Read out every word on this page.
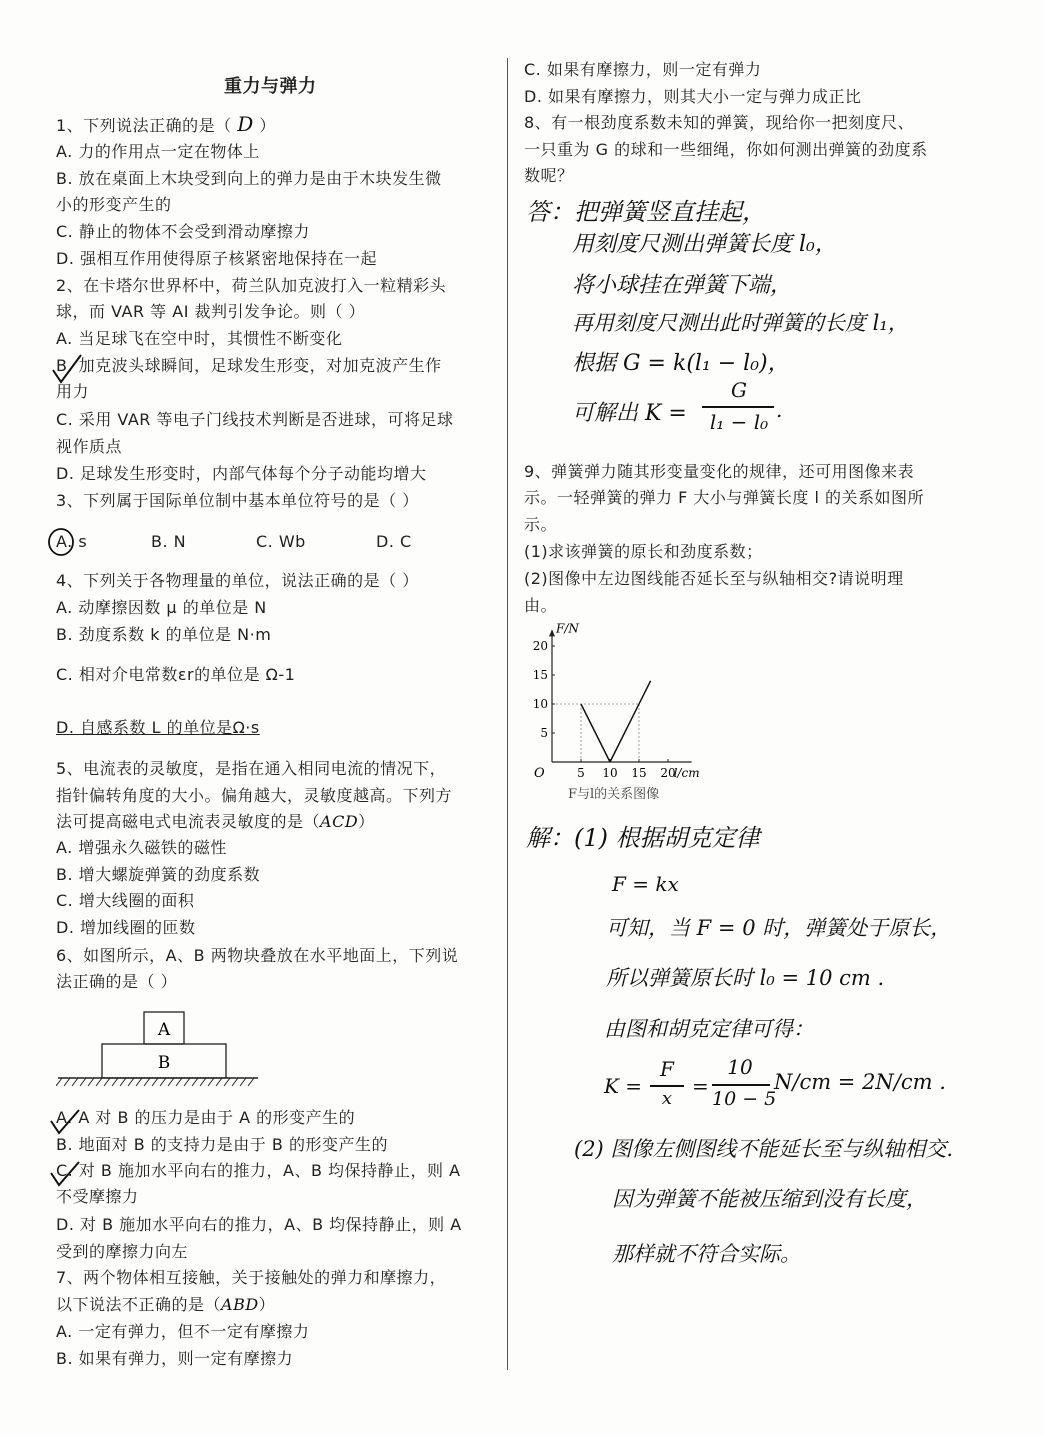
重力与弹力
1、下列说法正确的是（ D ）
A. 力的作用点一定在物体上
B. 放在桌面上木块受到向上的弹力是由于木块发生微
小的形变产生的
C. 静止的物体不会受到滑动摩擦力
D. 强相互作用使得原子核紧密地保持在一起
2、在卡塔尔世界杯中，荷兰队加克波打入一粒精彩头
球，而 VAR 等 AI 裁判引发争论。则（ ）
A. 当足球飞在空中时，其惯性不断变化
B. 加克波头球瞬间，足球发生形变，对加克波产生作
用力
C. 采用 VAR 等电子门线技术判断是否进球，可将足球
视作质点
D. 足球发生形变时，内部气体每个分子动能均增大
3、下列属于国际单位制中基本单位符号的是（ ）
A. s	B. N	C. Wb	D. C
4、下列关于各物理量的单位，说法正确的是（ ）
A. 动摩擦因数 μ 的单位是 N
B. 劲度系数 k 的单位是 N·m
C. 相对介电常数εr的单位是 Ω-1
D. 自感系数 L 的单位是Ω·s
5、电流表的灵敏度，是指在通入相同电流的情况下，
指针偏转角度的大小。偏角越大，灵敏度越高。下列方
法可提高磁电式电流表灵敏度的是（ACD）
A. 增强永久磁铁的磁性
B. 增大螺旋弹簧的劲度系数
C. 增大线圈的面积
D. 增加线圈的匝数
6、如图所示，A、B 两物块叠放在水平地面上，下列说
法正确的是（ ）
A
B
A. A 对 B 的压力是由于 A 的形变产生的
B. 地面对 B 的支持力是由于 B 的形变产生的
C. 对 B 施加水平向右的推力，A、B 均保持静止，则 A
不受摩擦力
D. 对 B 施加水平向右的推力，A、B 均保持静止，则 A
受到的摩擦力向左
7、两个物体相互接触，关于接触处的弹力和摩擦力，
以下说法不正确的是（ABD）
A. 一定有弹力，但不一定有摩擦力
B. 如果有弹力，则一定有摩擦力
C. 如果有摩擦力，则一定有弹力
D. 如果有摩擦力，则其大小一定与弹力成正比
8、有一根劲度系数未知的弹簧，现给你一把刻度尺、
一只重为 G 的球和一些细绳，你如何测出弹簧的劲度系
数呢？
答：把弹簧竖直挂起，
用刻度尺测出弹簧长度 l₀，
将小球挂在弹簧下端，
再用刻度尺测出此时弹簧的长度 l₁，
根据 G = k(l₁ − l₀)，
可解出 K =
G
l₁ − l₀ .
9、弹簧弹力随其形变量变化的规律，还可用图像来表
示。一轻弹簧的弹力 F 大小与弹簧长度 l 的关系如图所
示。
(1)求该弹簧的原长和劲度系数；
(2)图像中左边图线能否延长至与纵轴相交?请说明理
由。
5 10 15 20
5
10
15
20
F/N
l/cm
O
F与l的关系图像
解：(1) 根据胡克定律
F = kx
可知，当 F = 0 时，弹簧处于原长，
所以弹簧原长时 l₀ = 10 cm .
由图和胡克定律可得：
K =
F
x
=
10
10 − 5
N/cm = 2N/cm .
(2) 图像左侧图线不能延长至与纵轴相交.
因为弹簧不能被压缩到没有长度，
那样就不符合实际。
